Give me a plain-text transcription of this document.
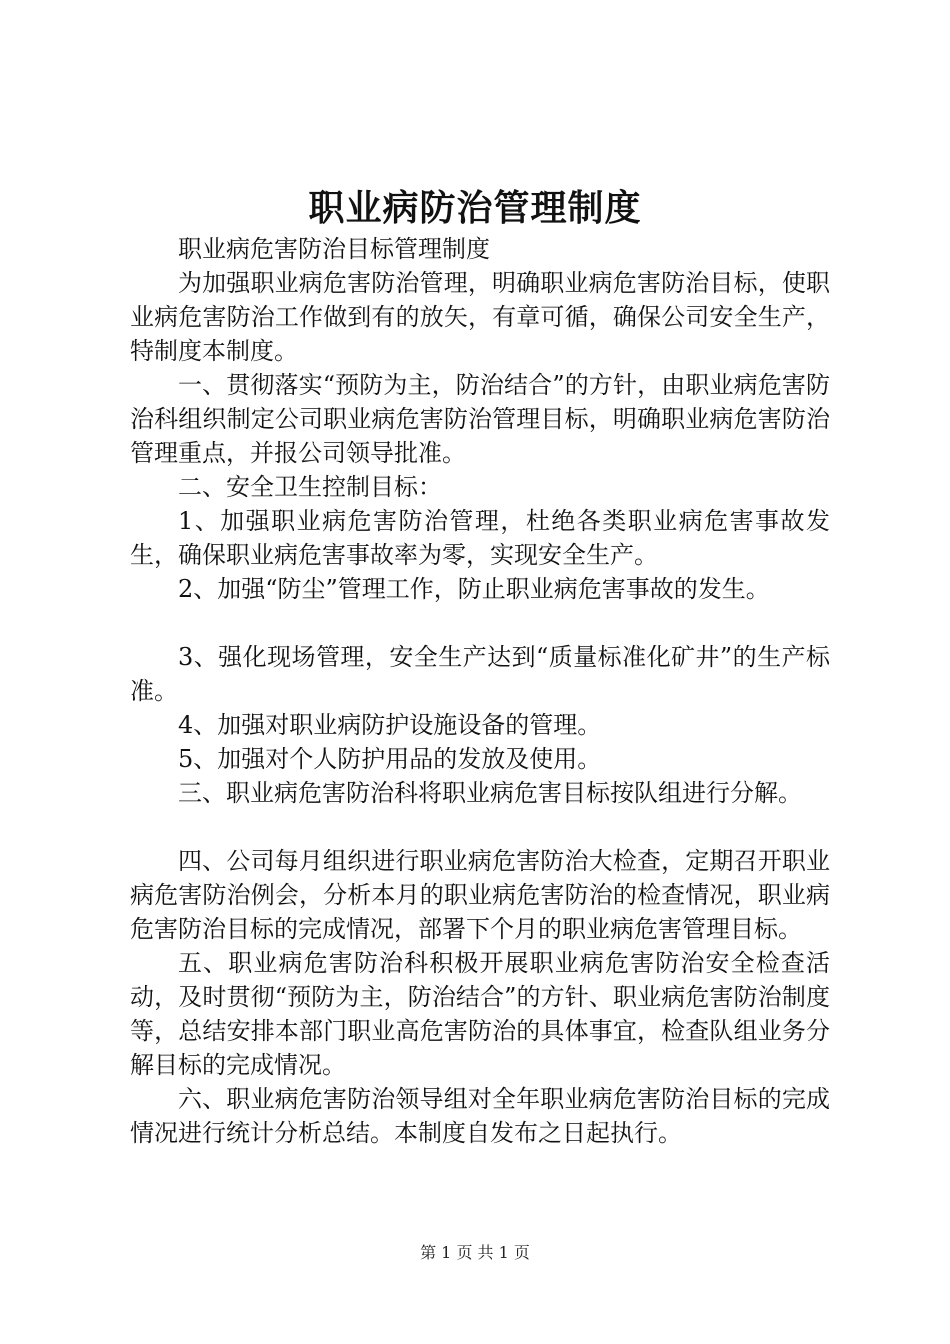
职业病防治管理制度

职业病危害防治目标管理制度

为加强职业病危害防治管理，明确职业病危害防治目标，使职业病危害防治工作做到有的放矢，有章可循，确保公司安全生产，特制度本制度。

一、贯彻落实“预防为主，防治结合”的方针，由职业病危害防治科组织制定公司职业病危害防治管理目标，明确职业病危害防治管理重点，并报公司领导批准。

二、安全卫生控制目标：

1、加强职业病危害防治管理，杜绝各类职业病危害事故发生，确保职业病危害事故率为零，实现安全生产。

2、加强“防尘”管理工作，防止职业病危害事故的发生。

3、强化现场管理，安全生产达到“质量标准化矿井”的生产标准。

4、加强对职业病防护设施设备的管理。

5、加强对个人防护用品的发放及使用。

三、职业病危害防治科将职业病危害目标按队组进行分解。

四、公司每月组织进行职业病危害防治大检查，定期召开职业病危害防治例会，分析本月的职业病危害防治的检查情况，职业病危害防治目标的完成情况，部署下个月的职业病危害管理目标。

五、职业病危害防治科积极开展职业病危害防治安全检查活动，及时贯彻“预防为主，防治结合”的方针、职业病危害防治制度等，总结安排本部门职业高危害防治的具体事宜，检查队组业务分解目标的完成情况。

六、职业病危害防治领导组对全年职业病危害防治目标的完成情况进行统计分析总结。本制度自发布之日起执行。

第 1 页 共 1 页
